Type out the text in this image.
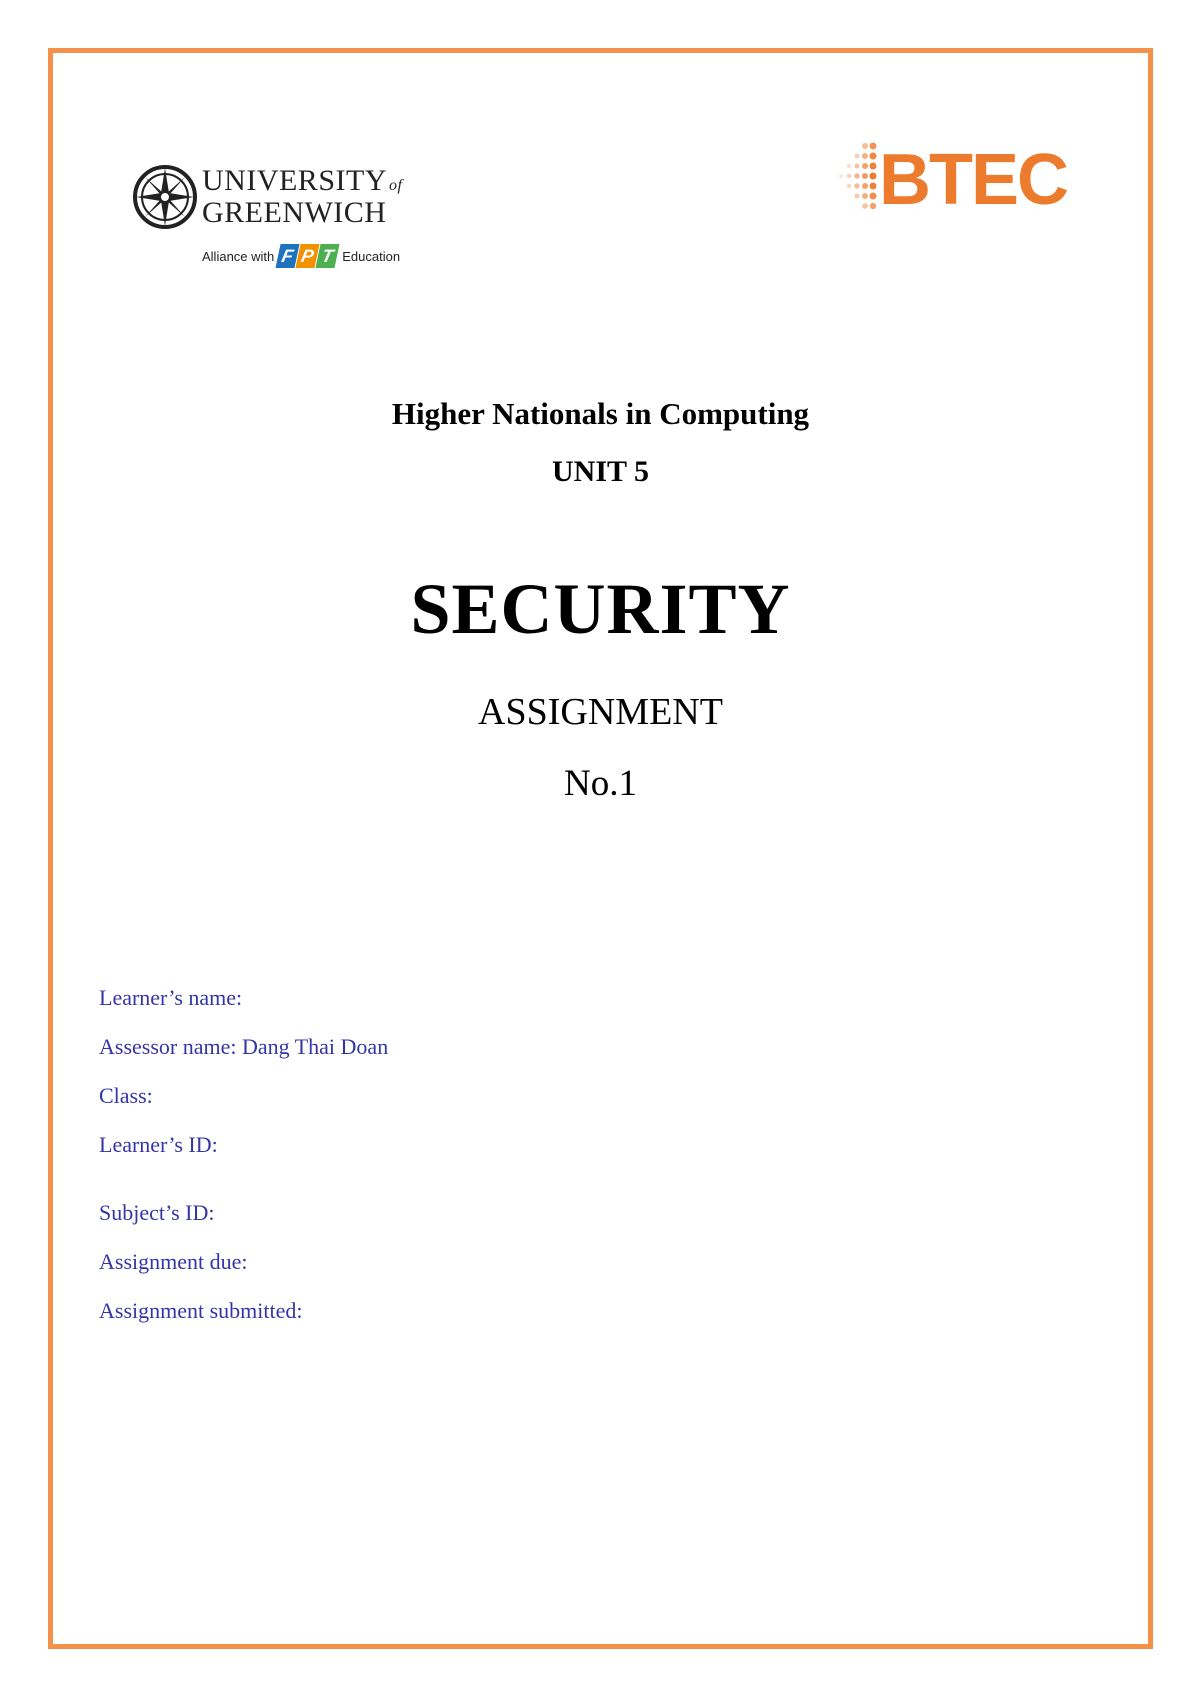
UNIVERSITY of
GREENWICH
Alliance with F P T Education
BTEC
Higher Nationals in Computing
UNIT 5
SECURITY
ASSIGNMENT
No.1
Learner’s name:
Assessor name: Dang Thai Doan
Class:
Learner’s ID:
Subject’s ID:
Assignment due:
Assignment submitted:
